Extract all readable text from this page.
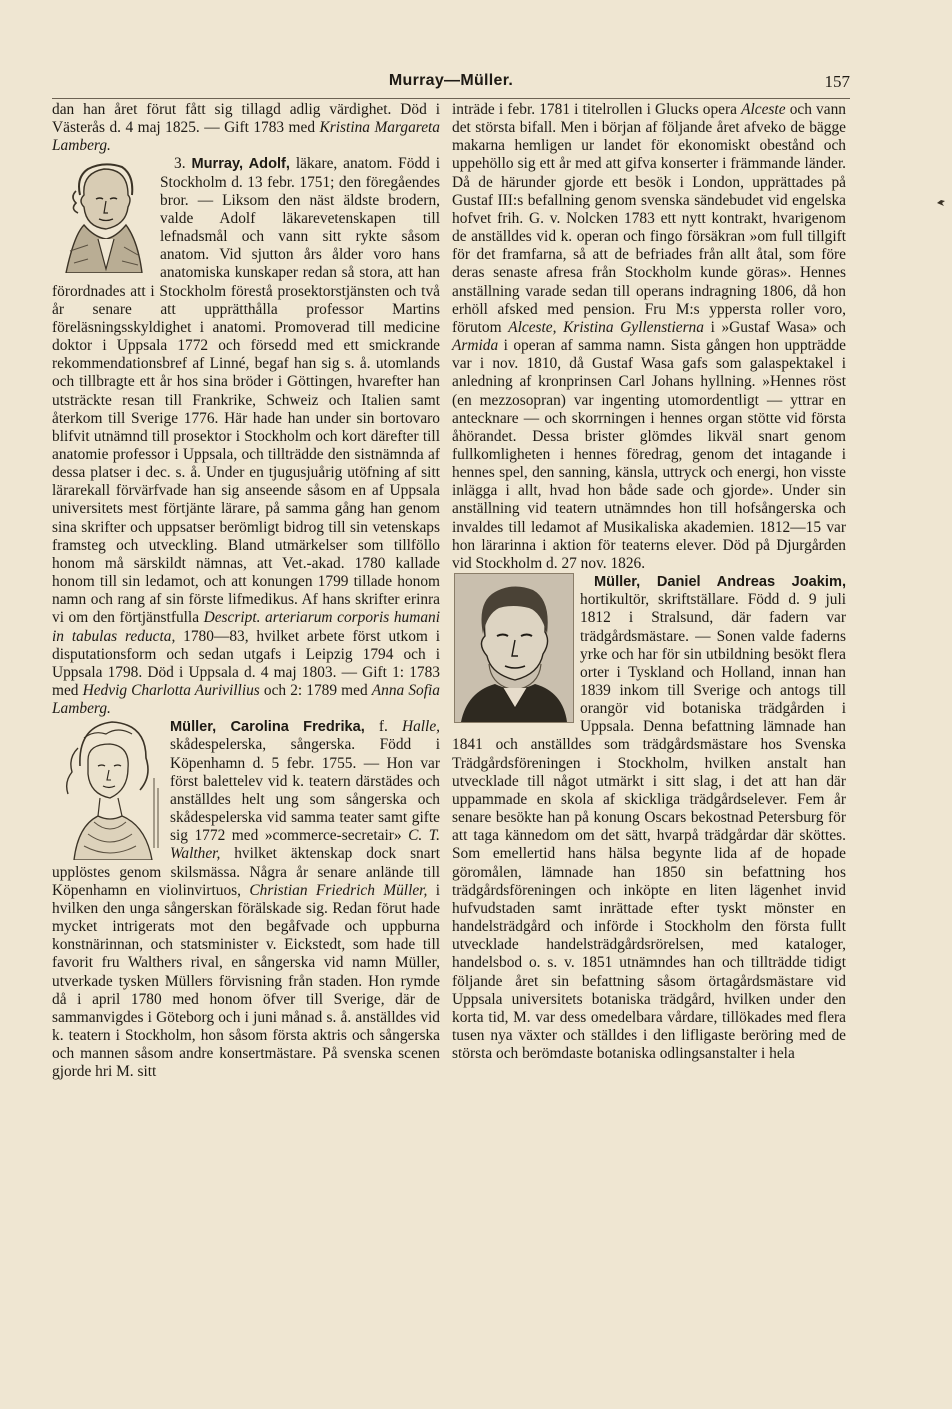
Murray—Müller.	157

dan han året förut fått sig tillagd adlig värdighet. Död i Västerås d. 4 maj 1825. — Gift 1783 med Kristina Margareta Lamberg.

3. Murray, Adolf, läkare, anatom. Född i Stockholm d. 13 febr. 1751; den föregåendes bror. — Liksom den näst äldste brodern, valde Adolf läkarevetenskapen till lefnadsmål och vann sitt rykte såsom anatom. Vid sjutton års ålder voro hans anatomiska kunskaper redan så stora, att han förordnades att i Stockholm förestå prosektorstjänsten och två år senare att upprätthålla professor Martins föreläsningsskyldighet i anatomi. Promoverad till medicine doktor i Uppsala 1772 och försedd med ett smickrande rekommendationsbref af Linné, begaf han sig s. å. utomlands och tillbragte ett år hos sina bröder i Göttingen, hvarefter han utsträckte resan till Frankrike, Schweiz och Italien samt återkom till Sverige 1776. Här hade han under sin bortovaro blifvit utnämnd till prosektor i Stockholm och kort därefter till anatomie professor i Uppsala, och tillträdde den sistnämnda af dessa platser i dec. s. å. Under en tjugusjuårig utöfning af sitt lärarekall förvärfvade han sig anseende såsom en af Uppsala universitets mest förtjänte lärare, på samma gång han genom sina skrifter och uppsatser berömligt bidrog till sin vetenskaps framsteg och utveckling. Bland utmärkelser som tillföllo honom må särskildt nämnas, att Vet.-akad. 1780 kallade honom till sin ledamot, och att konungen 1799 tillade honom namn och rang af sin förste lifmedikus. Af hans skrifter erinra vi om den förtjänstfulla Descript. arteriarum corporis humani in tabulas reducta, 1780—83, hvilket arbete först utkom i disputationsform och sedan utgafs i Leipzig 1794 och i Uppsala 1798. Död i Uppsala d. 4 maj 1803. — Gift 1: 1783 med Hedvig Charlotta Aurivillius och 2: 1789 med Anna Sofia Lamberg.

Müller, Carolina Fredrika, f. Halle,
skådespelerska, sångerska. Född i Köpenhamn d. 5 febr. 1755. — Hon var först balettelev vid k. teatern därstädes och anställdes helt ung som sångerska och skådespelerska vid samma teater samt gifte sig 1772 med »commerce-secretair» C. T. Walther, hvilket äktenskap dock snart upplöstes genom skilsmässa. Några år senare anlände till Köpenhamn en violinvirtuos, Christian Friedrich Müller, i hvilken den unga sångerskan förälskade sig. Redan förut hade mycket intrigerats mot den begåfvade och uppburna konstnärinnan, och statsminister v. Eickstedt, som hade till favorit fru Walthers rival, en sångerska vid namn Müller, utverkade tysken Müllers förvisning från staden. Hon rymde då i april 1780 med honom öfver till Sverige, där de sammanvigdes i Göteborg och i juni månad s. å. anställdes vid k. teatern i Stockholm, hon såsom första aktris och sångerska och mannen såsom andre konsertmästare. På svenska scenen gjorde hri M. sitt

inträde i febr. 1781 i titelrollen i Glucks opera Alceste och vann det största bifall. Men i början af följande året afveko de bägge makarna hemligen ur landet för ekonomiskt obestånd och uppehöllo sig ett år med att gifva konserter i främmande länder. Då de härunder gjorde ett besök i London, upprättades på Gustaf III:s befallning genom svenska sändebudet vid engelska hofvet frih. G. v. Nolcken 1783 ett nytt kontrakt, hvarigenom de anställdes vid k. operan och fingo försäkran »om full tillgift för det framfarna, så att de befriades från allt åtal, som före deras senaste afresa från Stockholm kunde göras». Hennes anställning varade sedan till operans indragning 1806, då hon erhöll afsked med pension. Fru M:s yppersta roller voro, förutom Alceste, Kristina Gyllenstierna i »Gustaf Wasa» och Armida i operan af samma namn. Sista gången hon uppträdde var i nov. 1810, då Gustaf Wasa gafs som galaspektakel i anledning af kronprinsen Carl Johans hyllning. »Hennes röst (en mezzosopran) var ingenting utomordentligt — yttrar en antecknare — och skorrningen i hennes organ stötte vid första åhörandet. Dessa brister glömdes likväl snart genom fullkomligheten i hennes föredrag, genom det intagande i hennes spel, den sanning, känsla, uttryck och energi, hon visste inlägga i allt, hvad hon både sade och gjorde». Under sin anställning vid teatern utnämndes hon till hofsångerska och invaldes till ledamot af Musikaliska akademien. 1812—15 var hon lärarinna i aktion för teaterns elever. Död på Djurgården vid Stockholm d. 27 nov. 1826.

Müller, Daniel Andreas Joakim,
hortikultör, skriftställare. Född d. 9 juli 1812 i Stralsund, där fadern var trädgårdsmästare. — Sonen valde faderns yrke och har för sin utbildning besökt flera orter i Tyskland och Holland, innan han 1839 inkom till Sverige och antogs till orangör vid botaniska trädgården i Uppsala. Denna befattning lämnade han 1841 och anställdes som trädgårdsmästare hos Svenska Trädgårdsföreningen i Stockholm, hvilken anstalt han utvecklade till något utmärkt i sitt slag, i det att han där uppammade en skola af skickliga trädgårdselever. Fem år senare besökte han på konung Oscars bekostnad Petersburg för att taga kännedom om det sätt, hvarpå trädgårdar där sköttes. Som emellertid hans hälsa begynte lida af de hopade göromålen, lämnade han 1850 sin befattning hos trädgårdsföreningen och inköpte en liten lägenhet invid hufvudstaden samt inrättade efter tyskt mönster en handelsträdgård och införde i Stockholm den första fullt utvecklade handelsträdgårdsrörelsen, med kataloger, handelsbod o. s. v. 1851 utnämndes han och tillträdde tidigt följande året sin befattning såsom örtagårdsmästare vid Uppsala universitets botaniska trädgård, hvilken under den korta tid, M. var dess omedelbara vårdare, tillökades med flera tusen nya växter och ställdes i den lifligaste beröring med de största och berömdaste botaniska odlingsanstalter i hela
